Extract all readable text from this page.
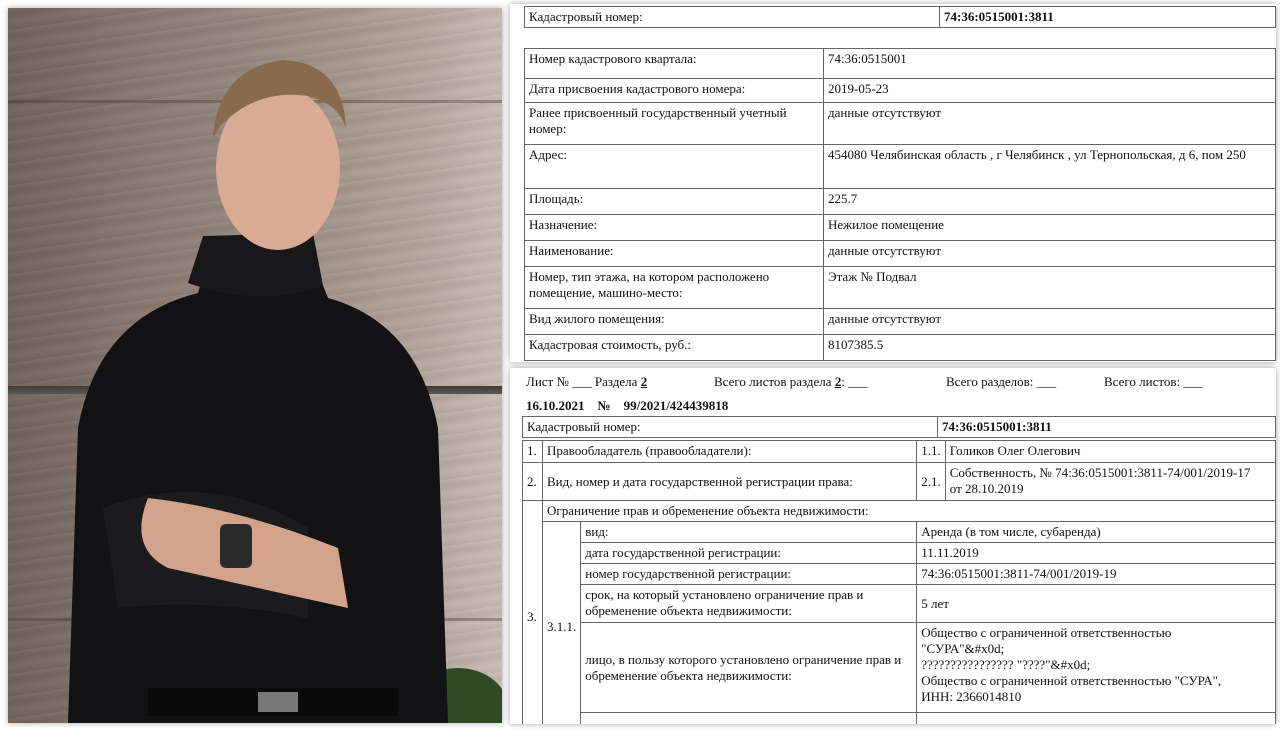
Кадастровый номер:	74:36:0515001:3811
Номер кадастрового квартала:	74:36:0515001
Дата присвоения кадастрового номера:	2019-05-23
Ранее присвоенный государственный учетный номер:	данные отсутствуют
Адрес:	454080 Челябинская область , г Челябинск , ул Тернопольская, д 6, пом 250
Площадь:	225.7
Назначение:	Нежилое помещение
Наименование:	данные отсутствуют
Номер, тип этажа, на котором расположено помещение, машино-место:	Этаж № Подвал
Вид жилого помещения:	данные отсутствуют
Кадастровая стоимость, руб.:	8107385.5
Лист № ___ Раздела 2	Всего листов раздела 2: ___	Всего разделов: ___	Всего листов: ___
16.10.2021 № 99/2021/424439818
Кадастровый номер:	74:36:0515001:3811
1.	Правообладатель (правообладатели):		1.1.	Голиков Олег Олегович
2.	Вид, номер и дата государственной регистрации права:		2.1.	Собственность, № 74:36:0515001:3811-74/001/2019-17
от 28.10.2019

3.	Ограничение прав и обременение объекта недвижимости:			
	3.1.1.	вид:	Аренда (в том числе, субаренда)	
		дата государственной регистрации:	11.11.2019	
		номер государственной регистрации:	74:36:0515001:3811-74/001/2019-19	
		срок, на который установлено ограничение прав и обременение объекта недвижимости:	5 лет	
		лицо, в пользу которого установлено ограничение прав и обременение объекта недвижимости:	Общество с ограниченной ответственностью
"СУРА"&#x0d;
???????????????? "????"&#x0d;
Общество с ограниченной ответственностью "СУРА",
ИНН: 2366014810	
